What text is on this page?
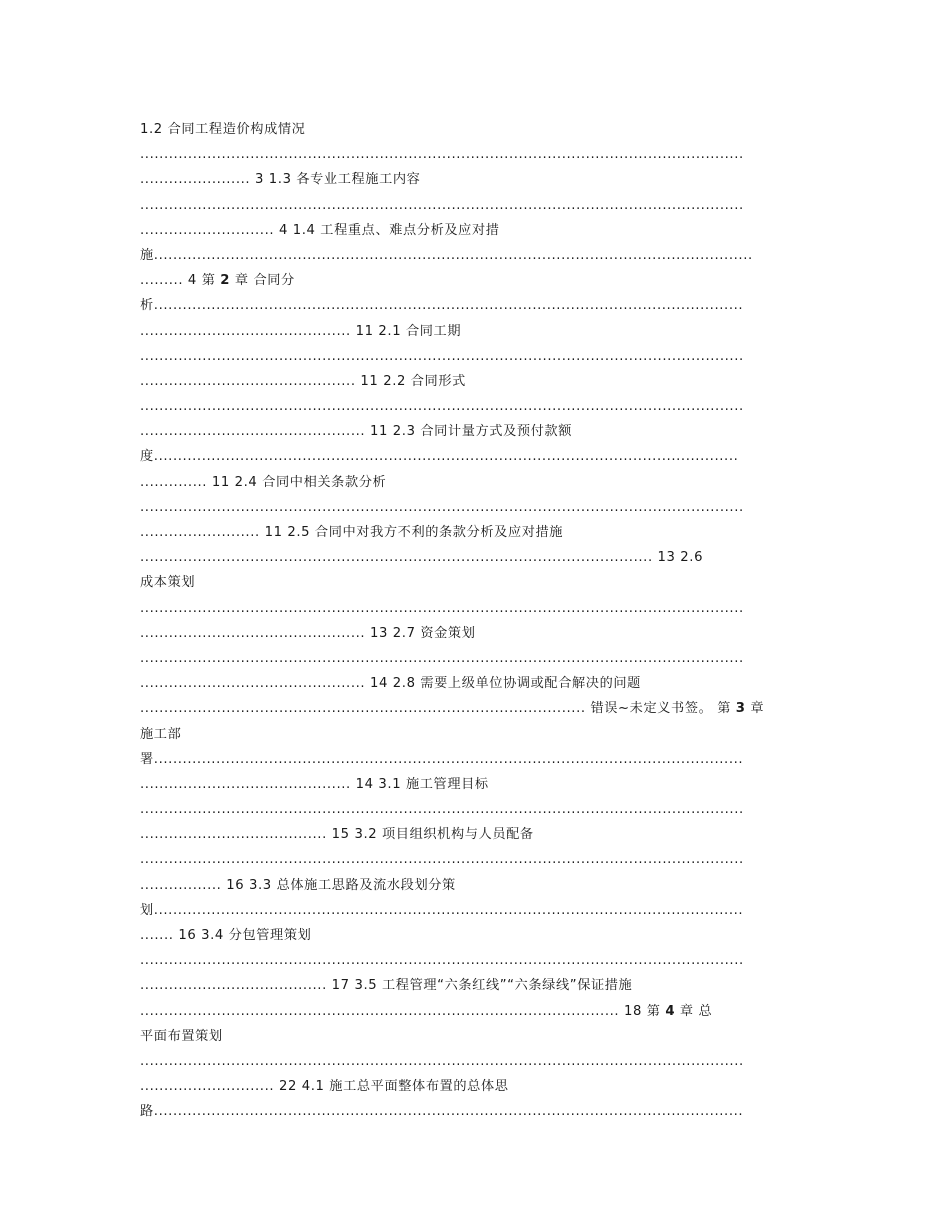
1.2 合同工程造价构成情况
..............................................................................................................................
....................... 3 1.3 各专业工程施工内容
..............................................................................................................................
............................ 4 1.4 工程重点、难点分析及应对措
施.............................................................................................................................
......... 4 第 2 章 合同分
析...........................................................................................................................
............................................ 11 2.1 合同工期
..............................................................................................................................
............................................. 11 2.2 合同形式
..............................................................................................................................
............................................... 11 2.3 合同计量方式及预付款额
度..........................................................................................................................
.............. 11 2.4 合同中相关条款分析
..............................................................................................................................
......................... 11 2.5 合同中对我方不利的条款分析及应对措施
........................................................................................................... 13 2.6
成本策划
..............................................................................................................................
............................................... 13 2.7 资金策划
..............................................................................................................................
............................................... 14 2.8 需要上级单位协调或配合解决的问题
............................................................................................. 错误~未定义书签。 第 3 章
施工部
署...........................................................................................................................
............................................ 14 3.1 施工管理目标
..............................................................................................................................
....................................... 15 3.2 项目组织机构与人员配备
..............................................................................................................................
................. 16 3.3 总体施工思路及流水段划分策
划...........................................................................................................................
....... 16 3.4 分包管理策划
..............................................................................................................................
....................................... 17 3.5 工程管理“六条红线”“六条绿线”保证措施
.................................................................................................... 18 第 4 章 总
平面布置策划
..............................................................................................................................
............................ 22 4.1 施工总平面整体布置的总体思
路...........................................................................................................................
